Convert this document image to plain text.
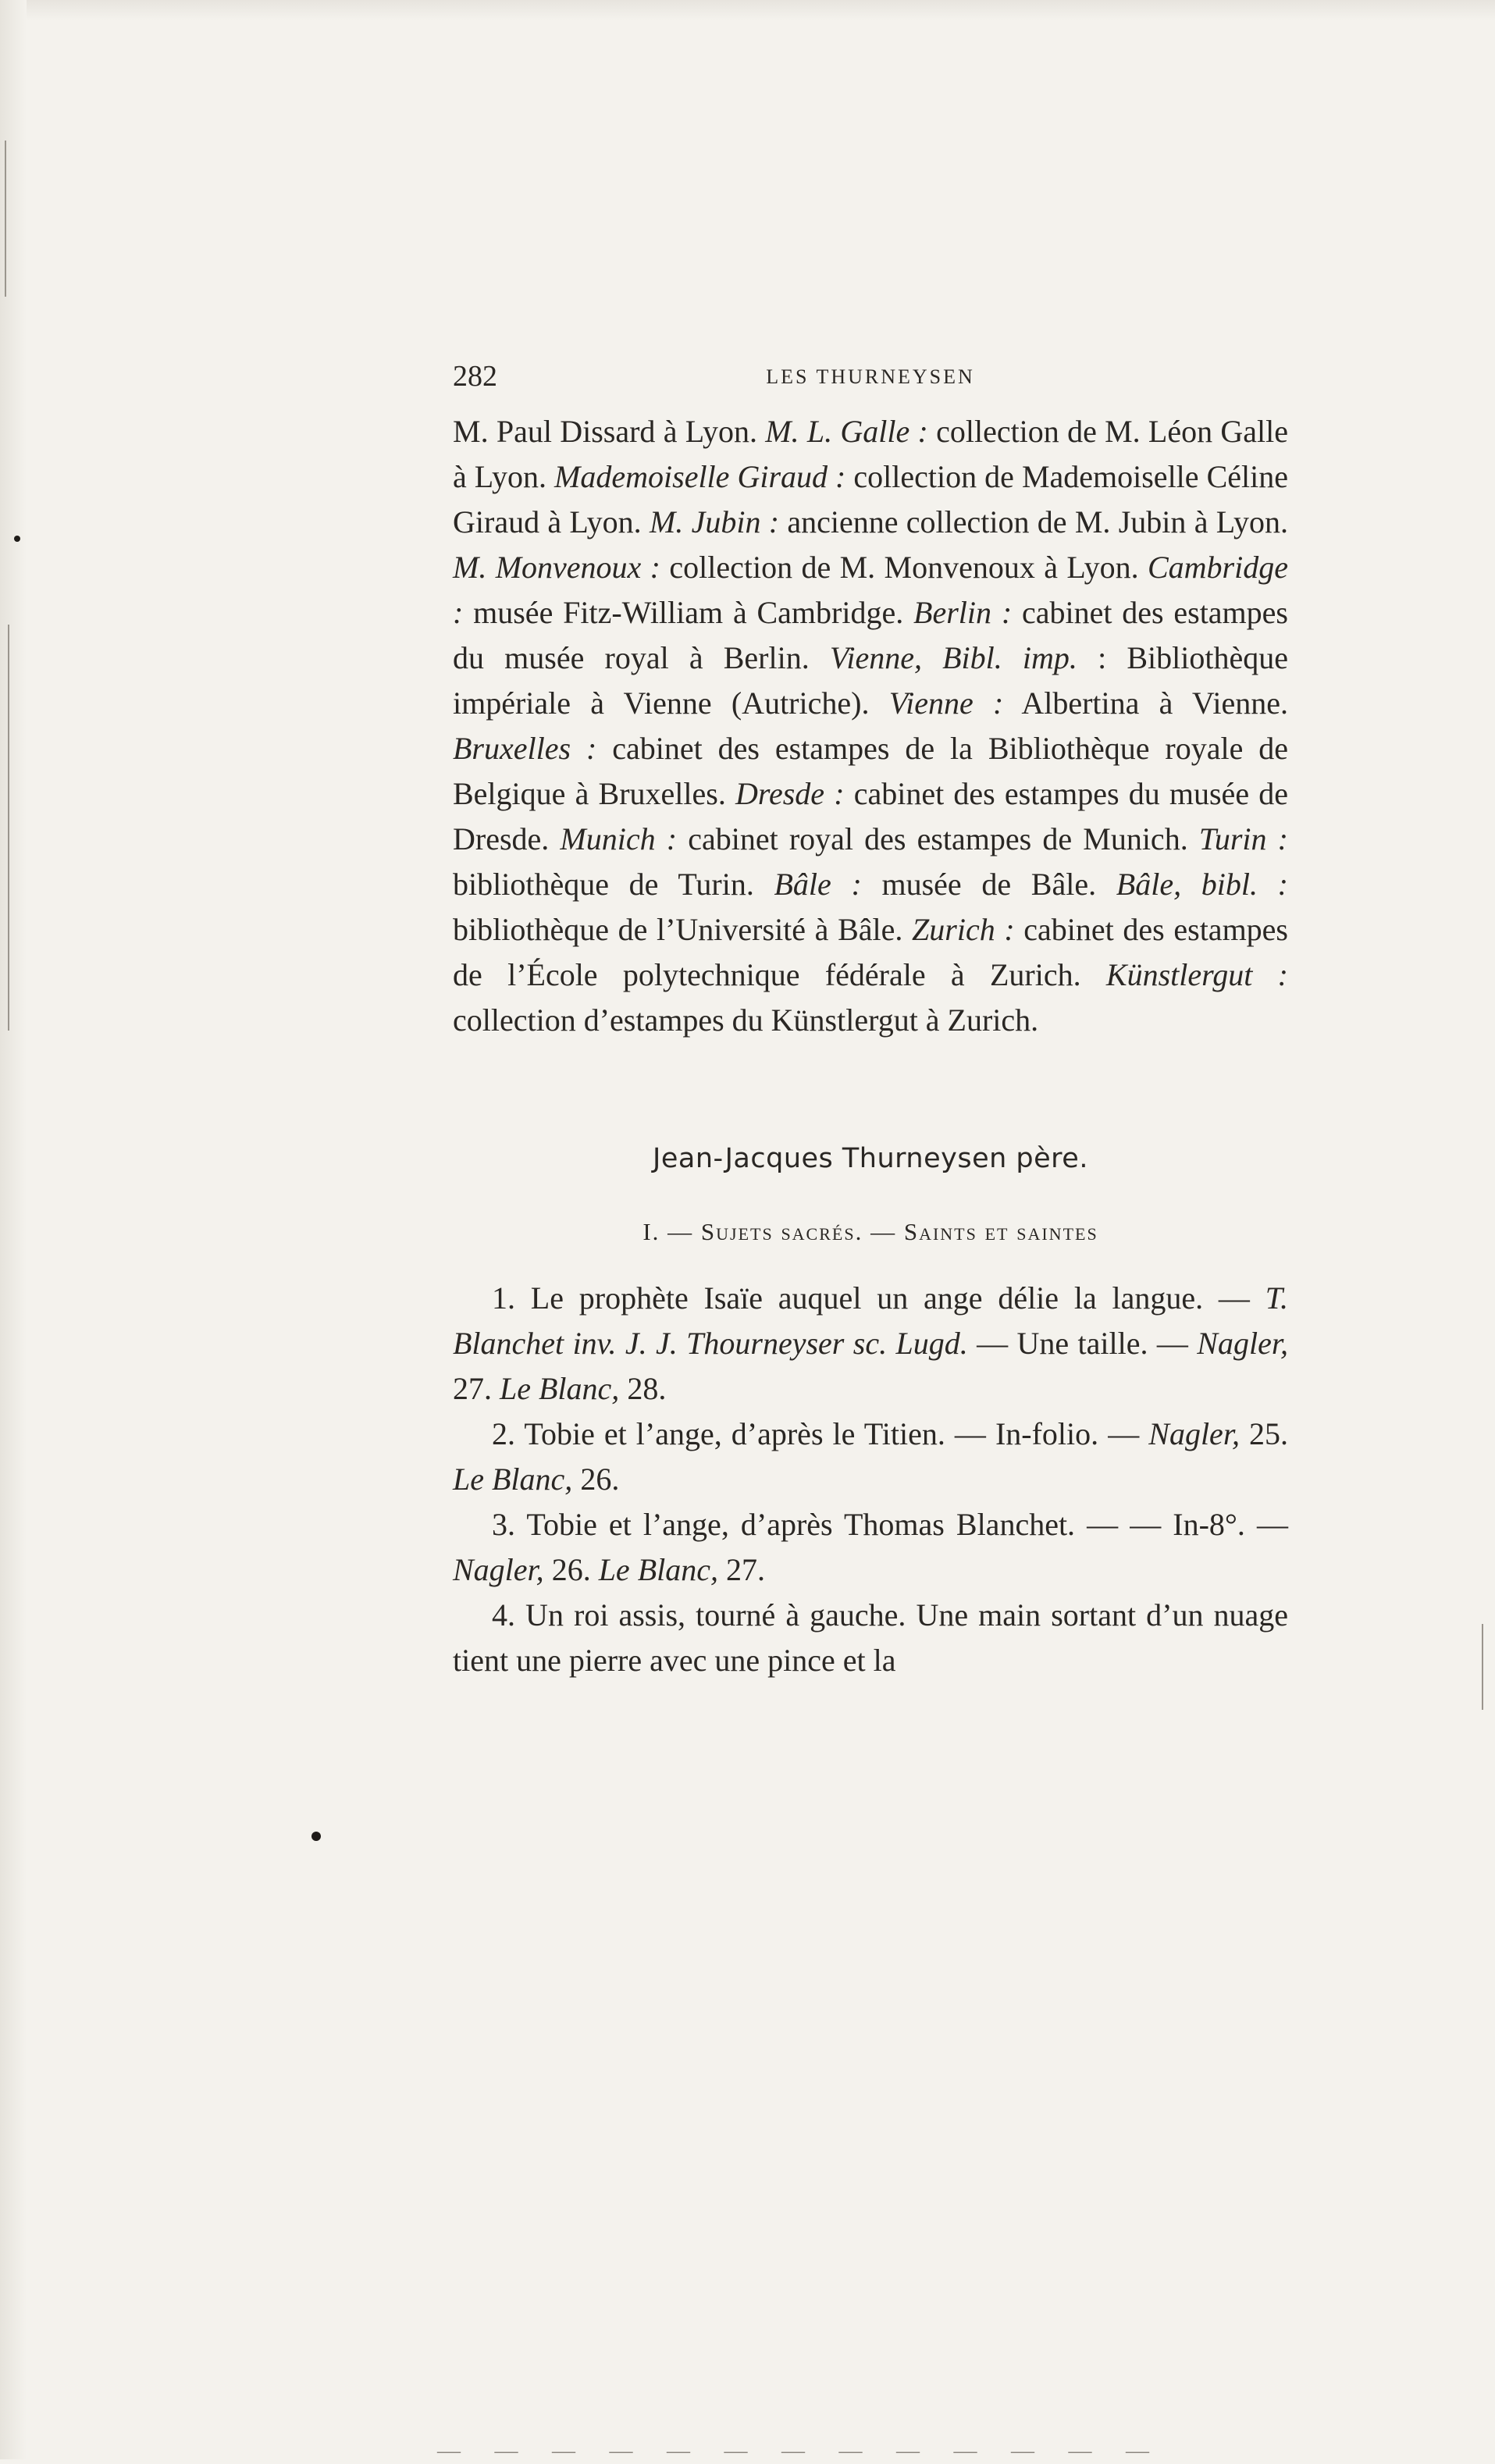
282	LES THURNEYSEN

M. Paul Dissard à Lyon. M. L. Galle : collection de M. Léon Galle à Lyon. Mademoiselle Giraud : collection de Mademoiselle Céline Giraud à Lyon. M. Jubin : ancienne collection de M. Jubin à Lyon. M. Monvenoux : collection de M. Monvenoux à Lyon. Cambridge : musée Fitz-William à Cambridge. Berlin : cabinet des estampes du musée royal à Berlin. Vienne, Bibl. imp. : Bibliothèque impériale à Vienne (Autriche). Vienne : Albertina à Vienne. Bruxelles : cabinet des estampes de la Bibliothèque royale de Belgique à Bruxelles. Dresde : cabinet des estampes du musée de Dresde. Munich : cabinet royal des estampes de Munich. Turin : bibliothèque de Turin. Bâle : musée de Bâle. Bâle, bibl. : bibliothèque de l’Université à Bâle. Zurich : cabinet des estampes de l’École polytechnique fédérale à Zurich. Künstlergut : collection d’estampes du Künstlergut à Zurich.

Jean-Jacques Thurneysen père.
I. — Sujets sacrés. — Saints et saintes

1. Le prophète Isaïe auquel un ange délie la langue. — T. Blanchet inv. J. J. Thourneyser sc. Lugd. — Une taille. — Nagler, 27. Le Blanc, 28.

2. Tobie et l’ange, d’après le Titien. — In-folio. — Nagler, 25. Le Blanc, 26.

3. Tobie et l’ange, d’après Thomas Blanchet. — — In-8°. — Nagler, 26. Le Blanc, 27.

4. Un roi assis, tourné à gauche. Une main sortant d’un nuage tient une pierre avec une pince et la

— — — — — — — — — — — — —
